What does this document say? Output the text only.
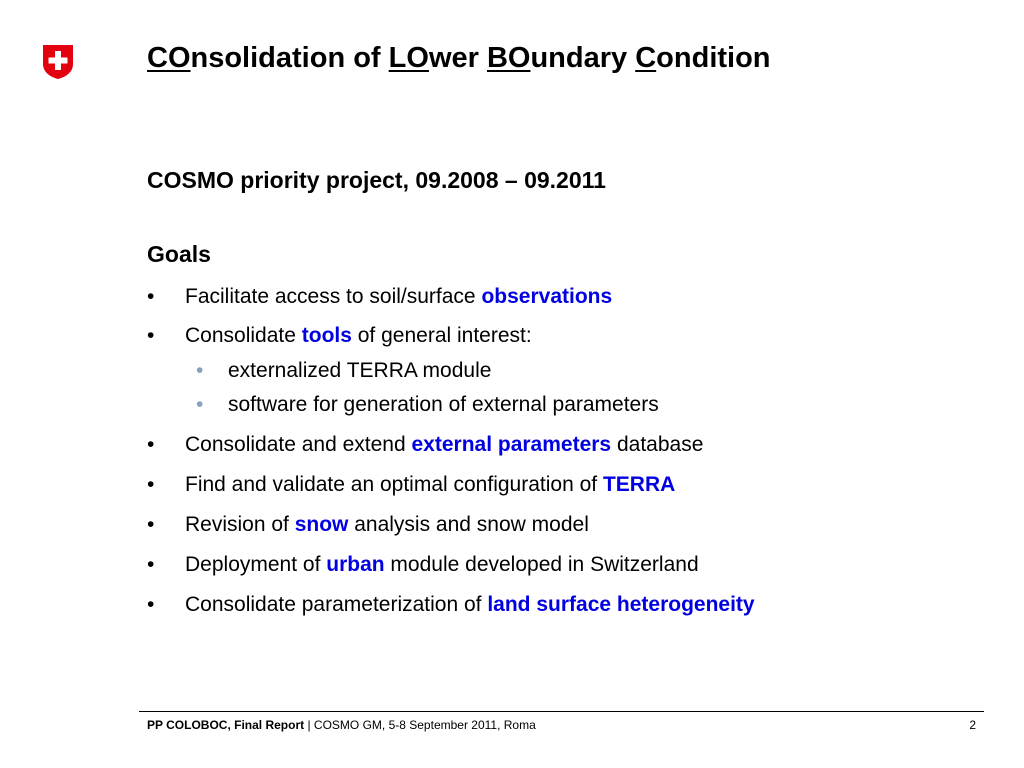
COnsolidation of LOwer BOundary Condition
COSMO priority project, 09.2008 – 09.2011
Goals
• Facilitate access to soil/surface observations
• Consolidate tools of general interest:
• externalized TERRA module
• software for generation of external parameters
• Consolidate and extend external parameters database
• Find and validate an optimal configuration of TERRA
• Revision of snow analysis and snow model
• Deployment of urban module developed in Switzerland
• Consolidate parameterization of land surface heterogeneity
PP COLOBOC, Final Report | COSMO GM, 5-8 September 2011, Roma	2
